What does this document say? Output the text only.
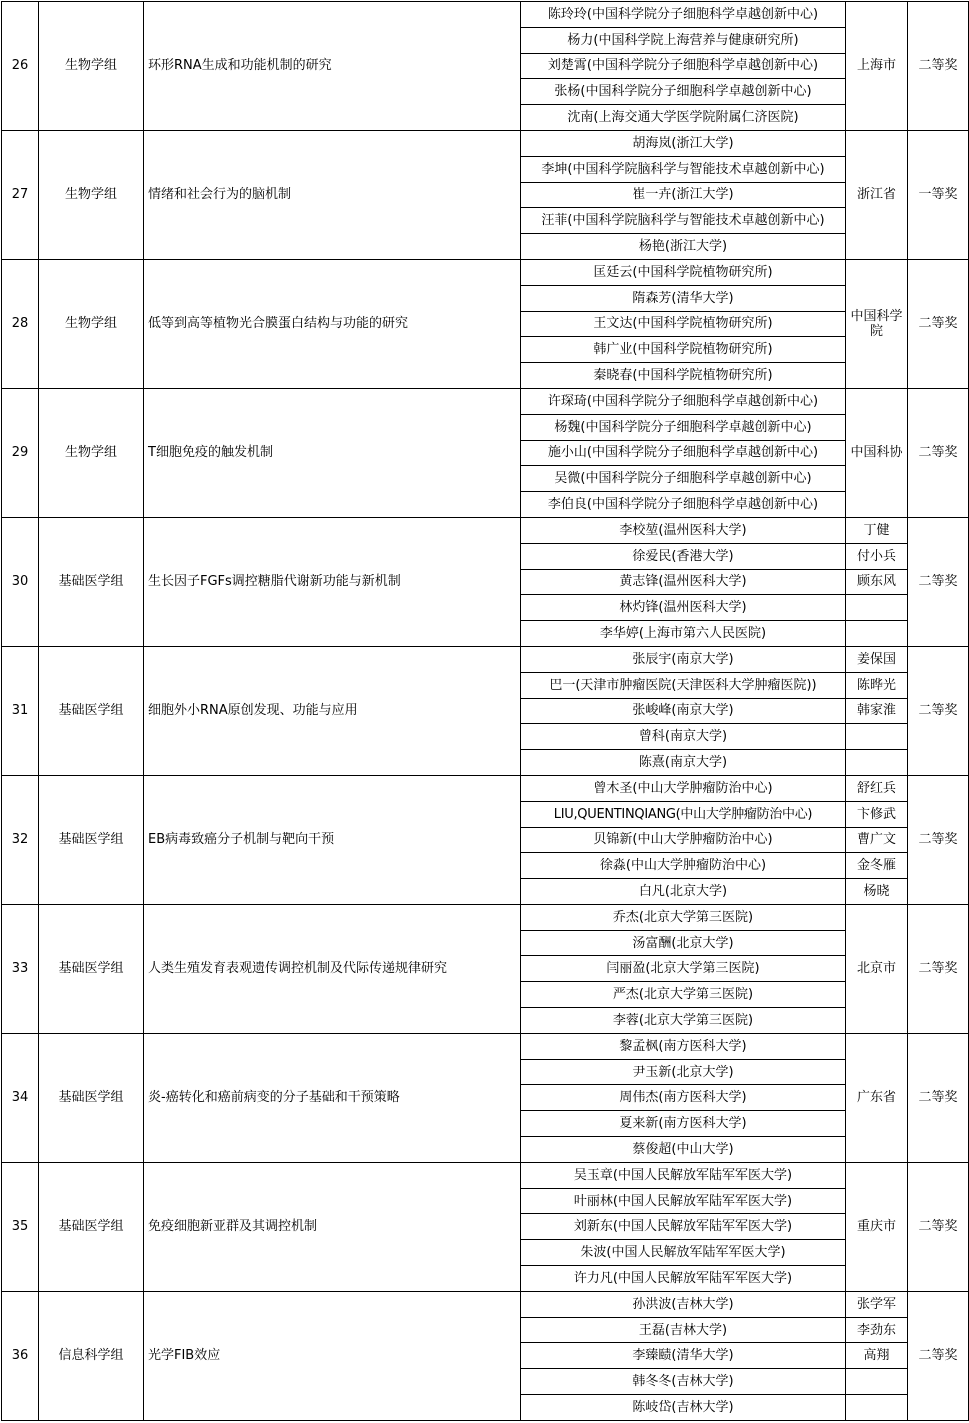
26	生物学组	环形RNA生成和功能机制的研究	陈玲玲(中国科学院分子细胞科学卓越创新中心)	上海市	二等奖
			杨力(中国科学院上海营养与健康研究所)		
			刘楚霄(中国科学院分子细胞科学卓越创新中心)		
			张杨(中国科学院分子细胞科学卓越创新中心)		
			沈南(上海交通大学医学院附属仁济医院)		
27	生物学组	情绪和社会行为的脑机制	胡海岚(浙江大学)	浙江省	一等奖
			李坤(中国科学院脑科学与智能技术卓越创新中心)		
			崔一卉(浙江大学)		
			汪菲(中国科学院脑科学与智能技术卓越创新中心)		
			杨艳(浙江大学)		
28	生物学组	低等到高等植物光合膜蛋白结构与功能的研究	匡廷云(中国科学院植物研究所)	中国科学院	二等奖
			隋森芳(清华大学)		
			王文达(中国科学院植物研究所)		
			韩广业(中国科学院植物研究所)		
			秦晓春(中国科学院植物研究所)		
29	生物学组	T细胞免疫的触发机制	许琛琦(中国科学院分子细胞科学卓越创新中心)	中国科协	二等奖
			杨魏(中国科学院分子细胞科学卓越创新中心)		
			施小山(中国科学院分子细胞科学卓越创新中心)		
			吴微(中国科学院分子细胞科学卓越创新中心)		
			李伯良(中国科学院分子细胞科学卓越创新中心)		
30	基础医学组	生长因子FGFs调控糖脂代谢新功能与新机制	李校堃(温州医科大学)	丁健	二等奖
			徐爱民(香港大学)	付小兵	
			黄志锋(温州医科大学)	顾东风	
			林灼锋(温州医科大学)		
			李华婷(上海市第六人民医院)		
31	基础医学组	细胞外小RNA原创发现、功能与应用	张辰宇(南京大学)	姜保国	二等奖
			巴一(天津市肿瘤医院(天津医科大学肿瘤医院))	陈晔光	
			张峻峰(南京大学)	韩家淮	
			曾科(南京大学)		
			陈熹(南京大学)		
32	基础医学组	EB病毒致癌分子机制与靶向干预	曾木圣(中山大学肿瘤防治中心)	舒红兵	二等奖
			LIU,QUENTINQIANG(中山大学肿瘤防治中心)	卞修武	
			贝锦新(中山大学肿瘤防治中心)	曹广文	
			徐淼(中山大学肿瘤防治中心)	金冬雁	
			白凡(北京大学)	杨晓	
33	基础医学组	人类生殖发育表观遗传调控机制及代际传递规律研究	乔杰(北京大学第三医院)	北京市	二等奖
			汤富酬(北京大学)		
			闫丽盈(北京大学第三医院)		
			严杰(北京大学第三医院)		
			李蓉(北京大学第三医院)		
34	基础医学组	炎-癌转化和癌前病变的分子基础和干预策略	黎孟枫(南方医科大学)	广东省	二等奖
			尹玉新(北京大学)		
			周伟杰(南方医科大学)		
			夏来新(南方医科大学)		
			蔡俊超(中山大学)		
35	基础医学组	免疫细胞新亚群及其调控机制	吴玉章(中国人民解放军陆军军医大学)	重庆市	二等奖
			叶丽林(中国人民解放军陆军军医大学)		
			刘新东(中国人民解放军陆军军医大学)		
			朱波(中国人民解放军陆军军医大学)		
			许力凡(中国人民解放军陆军军医大学)		
36	信息科学组	光学FIB效应	孙洪波(吉林大学)	张学军	二等奖
			王磊(吉林大学)	李劲东	
			李臻赜(清华大学)	高翔	
			韩冬冬(吉林大学)		
			陈岐岱(吉林大学)		
